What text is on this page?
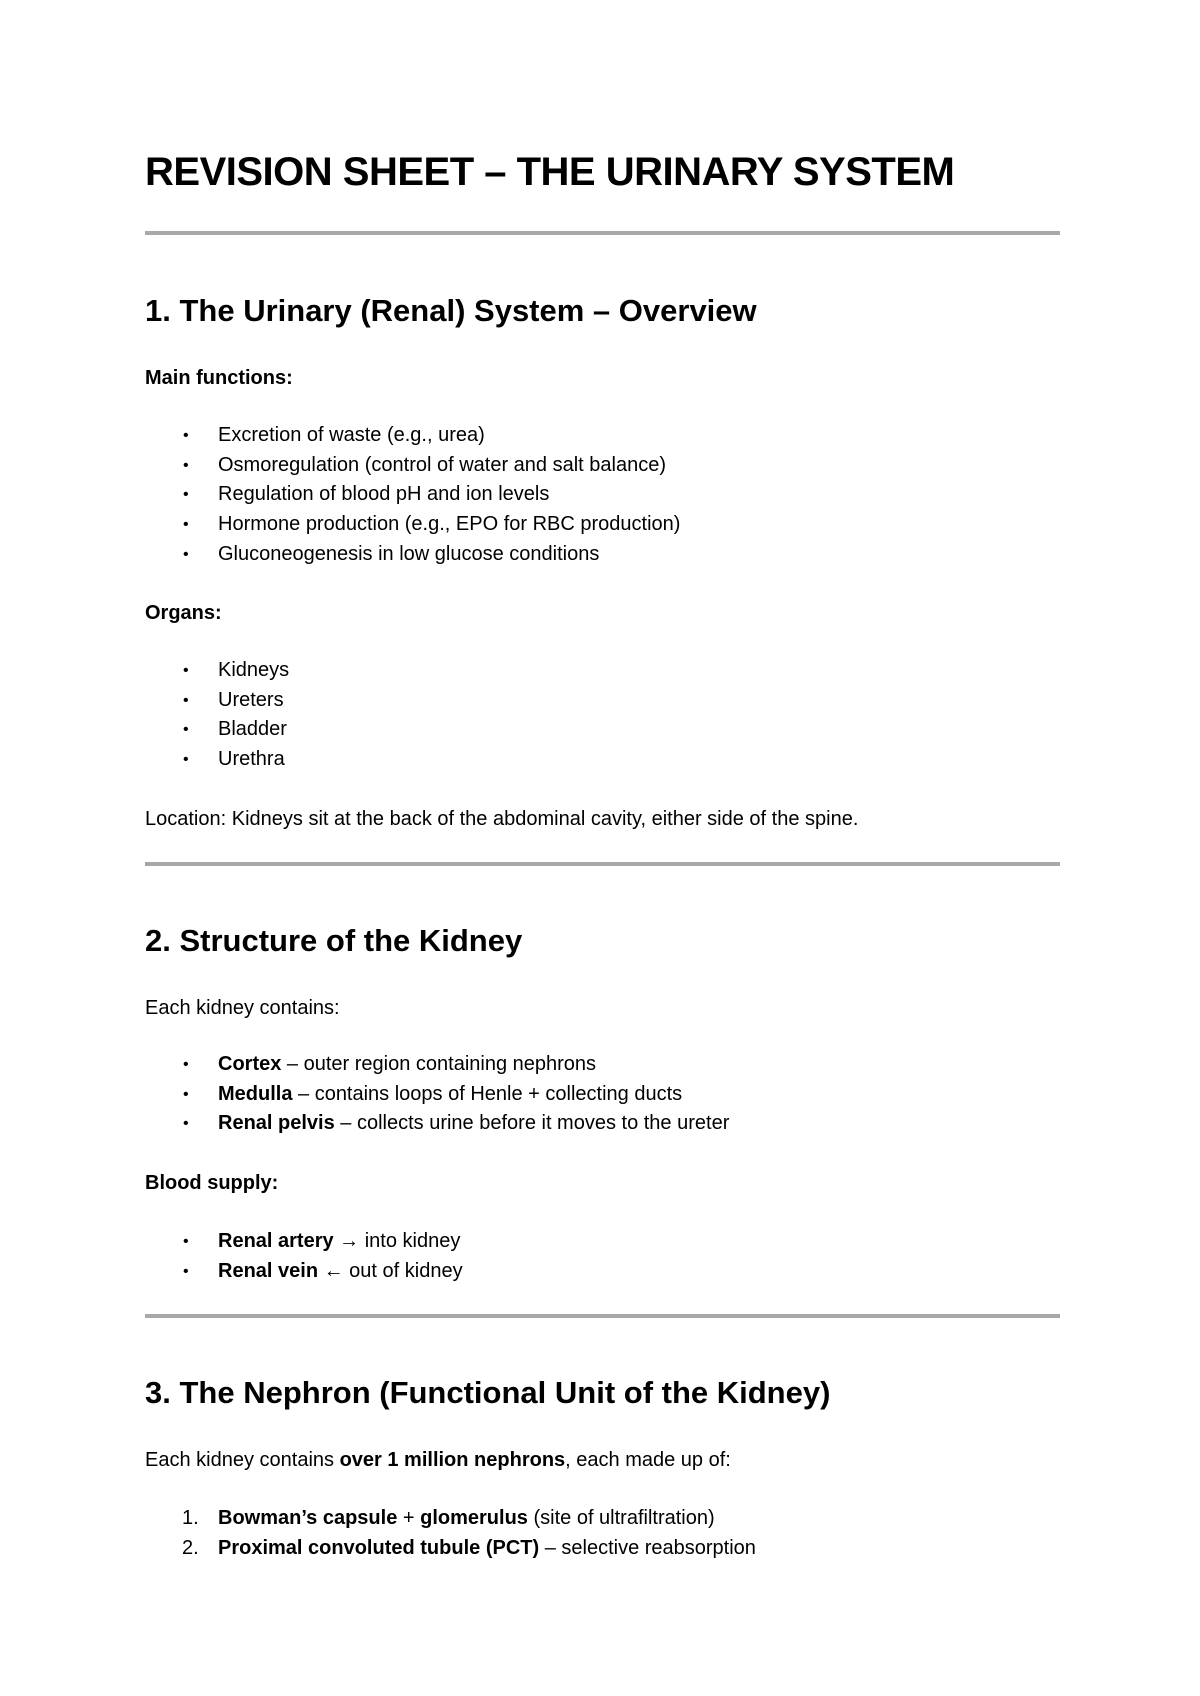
REVISION SHEET – THE URINARY SYSTEM
1. The Urinary (Renal) System – Overview

Main functions:

• Excretion of waste (e.g., urea)
• Osmoregulation (control of water and salt balance)
• Regulation of blood pH and ion levels
• Hormone production (e.g., EPO for RBC production)
• Gluconeogenesis in low glucose conditions

Organs:

• Kidneys
• Ureters
• Bladder
• Urethra

Location: Kidneys sit at the back of the abdominal cavity, either side of the spine.

2. Structure of the Kidney

Each kidney contains:

• Cortex – outer region containing nephrons
• Medulla – contains loops of Henle + collecting ducts
• Renal pelvis – collects urine before it moves to the ureter

Blood supply:

• Renal artery → into kidney
• Renal vein ← out of kidney
3. The Nephron (Functional Unit of the Kidney)

Each kidney contains over 1 million nephrons, each made up of:

1. Bowman’s capsule + glomerulus (site of ultrafiltration)
2. Proximal convoluted tubule (PCT) – selective reabsorption
